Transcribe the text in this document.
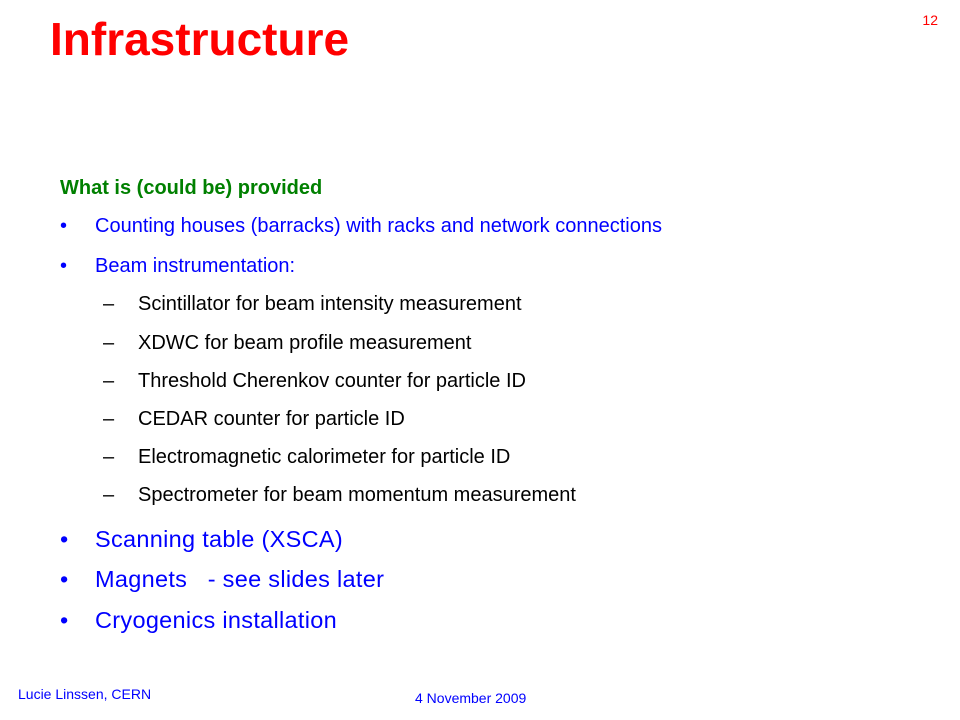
Infrastructure	12
What is (could be) provided
• Counting houses (barracks) with racks and network connections
• Beam instrumentation:
– Scintillator for beam intensity measurement
– XDWC for beam profile measurement
– Threshold Cherenkov counter for particle ID
– CEDAR counter for particle ID
– Electromagnetic calorimeter for particle ID
– Spectrometer for beam momentum measurement
• Scanning table (XSCA)
• Magnets   - see slides later
• Cryogenics installation
Lucie Linssen, CERN	4 November 2009
